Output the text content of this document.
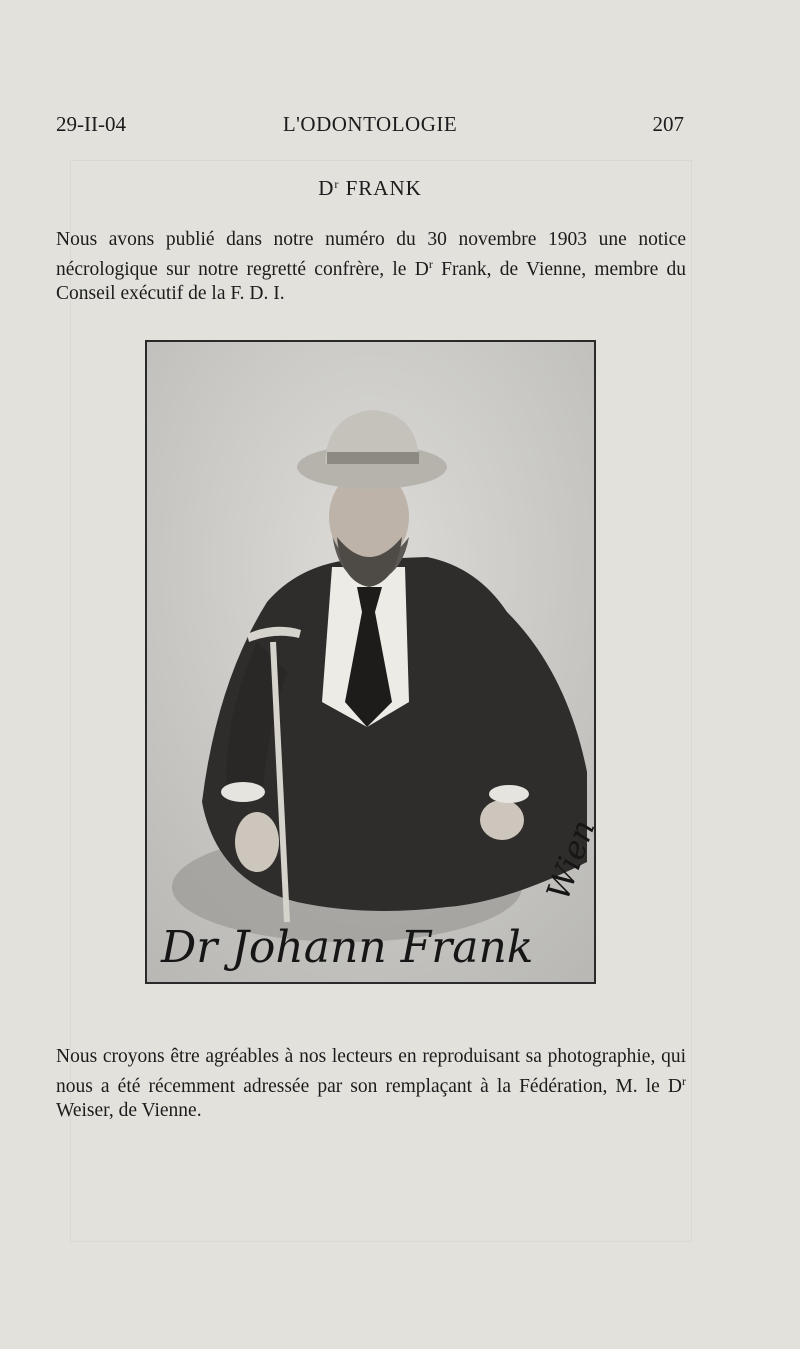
29-II-04	L'ODONTOLOGIE	207
$D^r$ FRANK
Nous avons publié dans notre numéro du 30 novembre 1903 une notice nécrologique sur notre regretté confrère, le $D^r$ Frank, de Vienne, membre du Conseil exécutif de la F. D. I.
Dr Johann Frank
Wien
Nous croyons être agréables à nos lecteurs en reproduisant sa photographie, qui nous a été récemment adressée par son remplaçant à la Fédération, M. le $D^r$ Weiser, de Vienne.
